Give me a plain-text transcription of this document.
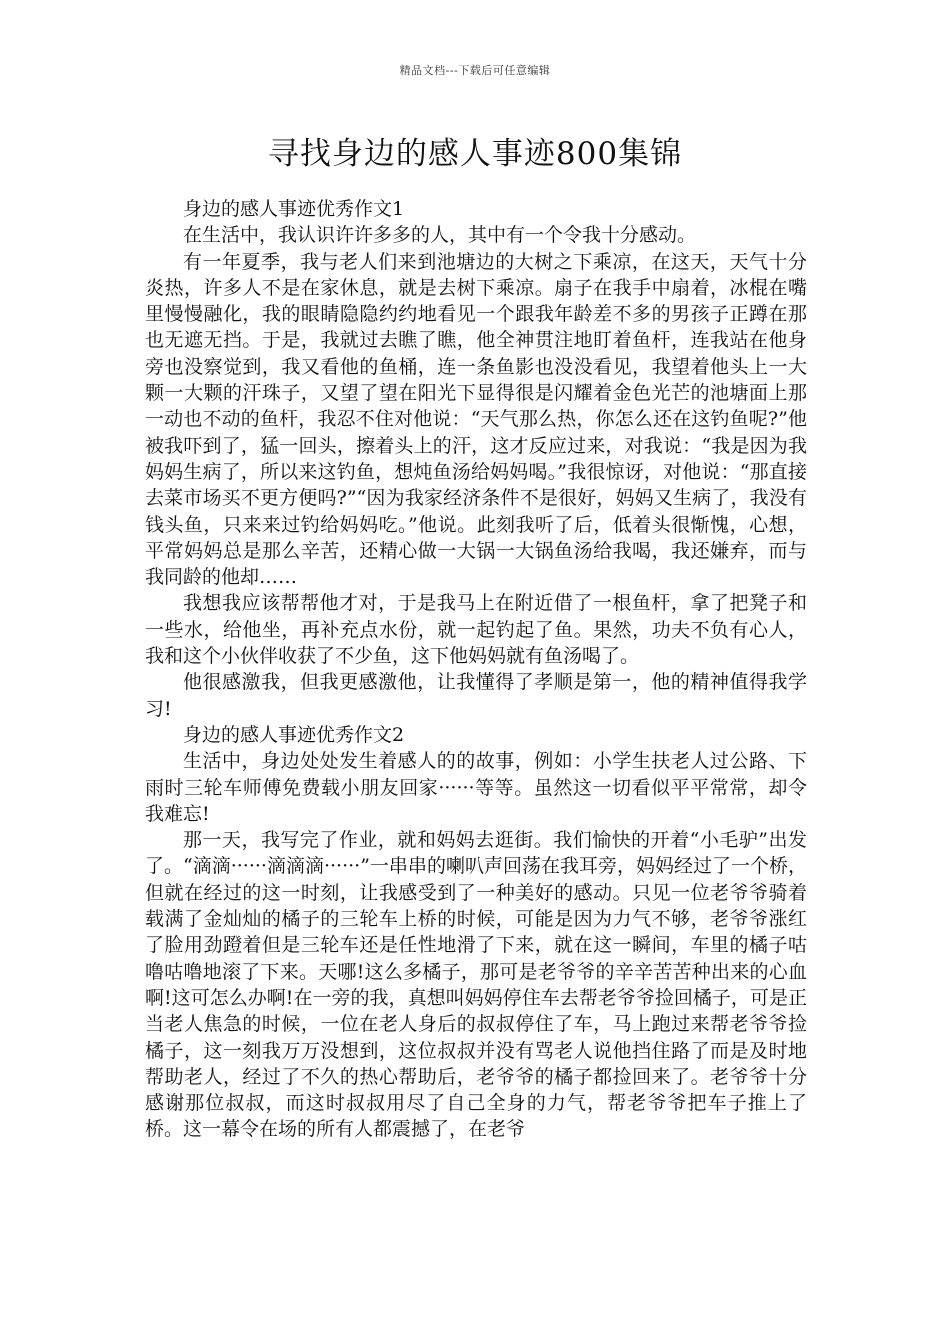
精品文档---下载后可任意编辑
寻找身边的感人事迹800集锦

身边的感人事迹优秀作文1

在生活中，我认识许许多多的人，其中有一个令我十分感动。

有一年夏季，我与老人们来到池塘边的大树之下乘凉，在这天，天气十分炎热，许多人不是在家休息，就是去树下乘凉。扇子在我手中扇着，冰棍在嘴里慢慢融化，我的眼睛隐隐约约地看见一个跟我年龄差不多的男孩子正蹲在那也无遮无挡。于是，我就过去瞧了瞧，他全神贯注地盯着鱼杆，连我站在他身旁也没察觉到，我又看他的鱼桶，连一条鱼影也没没看见，我望着他头上一大颗一大颗的汗珠子，又望了望在阳光下显得很是闪耀着金色光芒的池塘面上那一动也不动的鱼杆，我忍不住对他说：“天气那么热，你怎么还在这钓鱼呢?”他被我吓到了，猛一回头，擦着头上的汗，这才反应过来，对我说：“我是因为我妈妈生病了，所以来这钓鱼，想炖鱼汤给妈妈喝。”我很惊讶，对他说：“那直接去菜市场买不更方便吗?”“因为我家经济条件不是很好，妈妈又生病了，我没有钱头鱼，只来来过钓给妈妈吃。”他说。此刻我听了后，低着头很惭愧，心想，平常妈妈总是那么辛苦，还精心做一大锅一大锅鱼汤给我喝，我还嫌弃，而与我同龄的他却……

我想我应该帮帮他才对，于是我马上在附近借了一根鱼杆，拿了把凳子和一些水，给他坐，再补充点水份，就一起钓起了鱼。果然，功夫不负有心人，我和这个小伙伴收获了不少鱼，这下他妈妈就有鱼汤喝了。

他很感激我，但我更感激他，让我懂得了孝顺是第一，他的精神值得我学习!

身边的感人事迹优秀作文2

生活中，身边处处发生着感人的的故事，例如：小学生扶老人过公路、下雨时三轮车师傅免费载小朋友回家······等等。虽然这一切看似平平常常，却令我难忘!

那一天，我写完了作业，就和妈妈去逛街。我们愉快的开着“小毛驴”出发了。“滴滴······滴滴滴······”一串串的喇叭声回荡在我耳旁，妈妈经过了一个桥，但就在经过的这一时刻，让我感受到了一种美好的感动。只见一位老爷爷骑着载满了金灿灿的橘子的三轮车上桥的时候，可能是因为力气不够，老爷爷涨红了脸用劲蹬着但是三轮车还是任性地滑了下来，就在这一瞬间，车里的橘子咕噜咕噜地滚了下来。天哪!这么多橘子，那可是老爷爷的辛辛苦苦种出来的心血啊!这可怎么办啊!在一旁的我，真想叫妈妈停住车去帮老爷爷捡回橘子，可是正当老人焦急的时候，一位在老人身后的叔叔停住了车，马上跑过来帮老爷爷捡橘子，这一刻我万万没想到，这位叔叔并没有骂老人说他挡住路了而是及时地帮助老人，经过了不久的热心帮助后，老爷爷的橘子都捡回来了。老爷爷十分感谢那位叔叔，而这时叔叔用尽了自己全身的力气，帮老爷爷把车子推上了桥。这一幕令在场的所有人都震撼了，在老爷
